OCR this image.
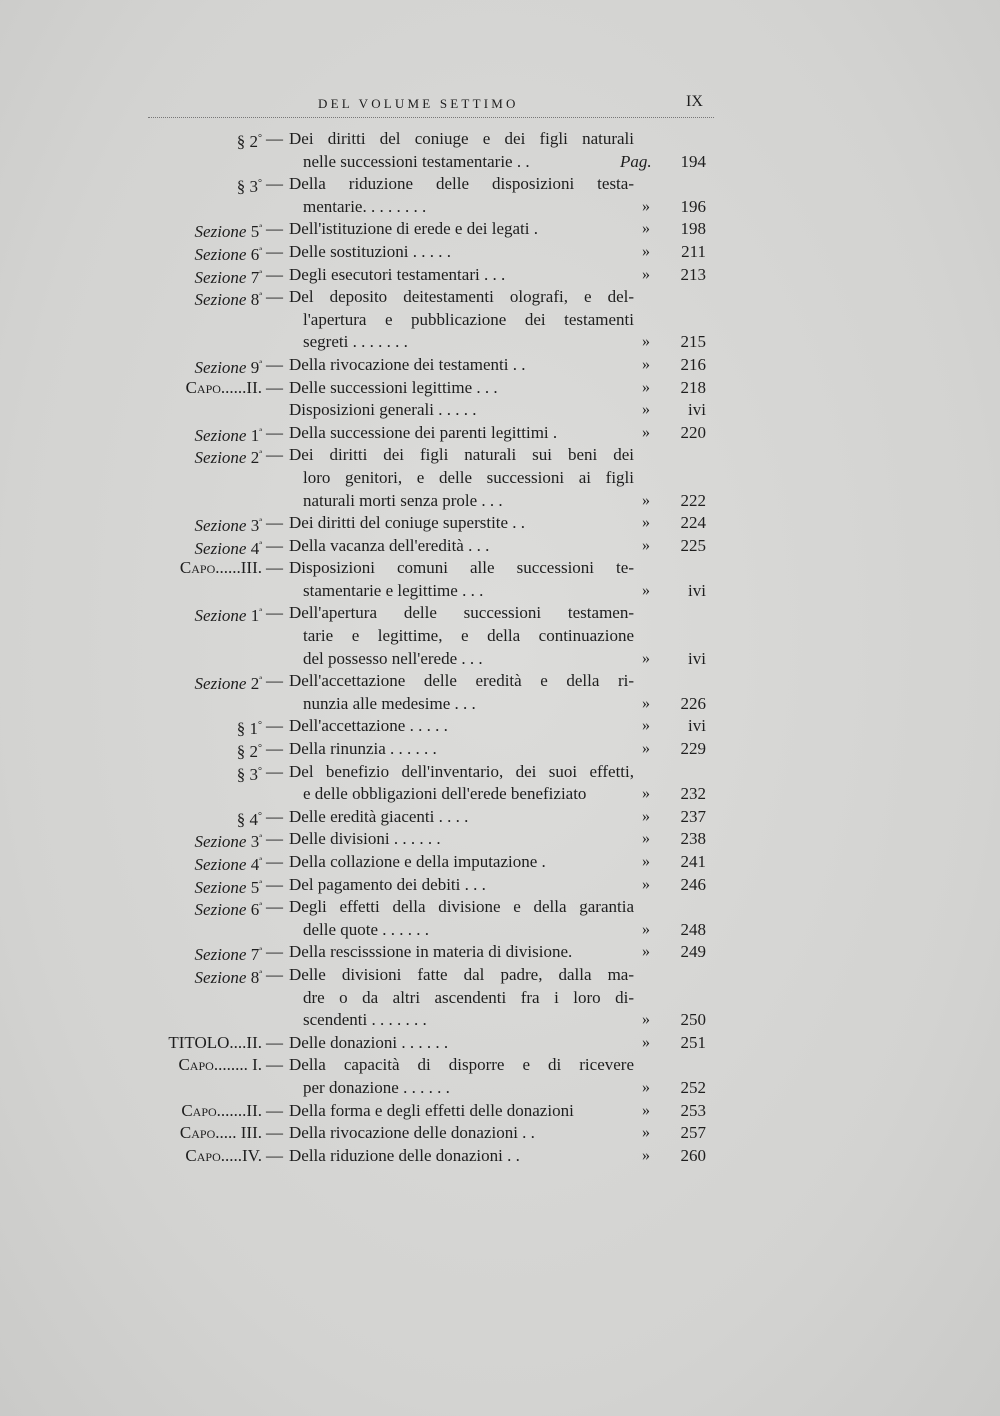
DEL VOLUME SETTIMO	IX
§ 2° — Dei diritti del coniuge e dei figli naturali
nelle successioni testamentarie . .	Pag.	194
§ 3° — Della riduzione delle disposizioni testa-
mentarie. . . . . . . .	»	196
Sezione $5^ª$ — Dell'istituzione di erede e dei legati .	»	198
Sezione $6^ª$ — Delle sostituzioni . . . . .	»	211
Sezione $7^ª$ — Degli esecutori testamentari . . .	»	213
Sezione $8^ª$ — Del deposito deitestamenti olografi, e del-
l'apertura e pubblicazione dei testamenti
segreti . . . . . . .	»	215
Sezione $9^ª$ — Della rivocazione dei testamenti . .	»	216
Capo......II. — Delle successioni legittime . . .	»	218
Disposizioni generali . . . . .	»	ivi
Sezione $1^ª$ — Della successione dei parenti legittimi .	»	220
Sezione $2^ª$ — Dei diritti dei figli naturali sui beni dei
loro genitori, e delle successioni ai figli
naturali morti senza prole . . .	»	222
Sezione $3^ª$ — Dei diritti del coniuge superstite . .	»	224
Sezione $4^ª$ — Della vacanza dell'eredità . . .	»	225
Capo......III. — Disposizioni comuni alle successioni te-
stamentarie e legittime . . .	»	ivi
Sezione $1^ª$ — Dell'apertura delle successioni testamen-
tarie e legittime, e della continuazione
del possesso nell'erede . . .	»	ivi
Sezione $2^ª$ — Dell'accettazione delle eredità e della ri-
nunzia alle medesime . . .	»	226
§ 1° — Dell'accettazione . . . . .	»	ivi
§ 2° — Della rinunzia . . . . . .	»	229
§ 3° — Del benefizio dell'inventario, dei suoi effetti,
e delle obbligazioni dell'erede benefiziato	»	232
§ 4° — Delle eredità giacenti . . . .	»	237
Sezione $3^ª$ — Delle divisioni . . . . . .	»	238
Sezione $4^ª$ — Della collazione e della imputazione .	»	241
Sezione $5^ª$ — Del pagamento dei debiti . . .	»	246
Sezione $6^ª$ — Degli effetti della divisione e della garantia
delle quote . . . . . .	»	248
Sezione $7^ª$ — Della rescisssione in materia di divisione.	»	249
Sezione $8^ª$ — Delle divisioni fatte dal padre, dalla ma-
dre o da altri ascendenti fra i loro di-
scendenti . . . . . . .	»	250
TITOLO....II. — Delle donazioni . . . . . .	»	251
Capo........ I. — Della capacità di disporre e di ricevere
per donazione . . . . . .	»	252
Capo.......II. — Della forma e degli effetti delle donazioni	»	253
Capo..... III. — Della rivocazione delle donazioni . .	»	257
Capo.....IV. — Della riduzione delle donazioni . .	»	260
